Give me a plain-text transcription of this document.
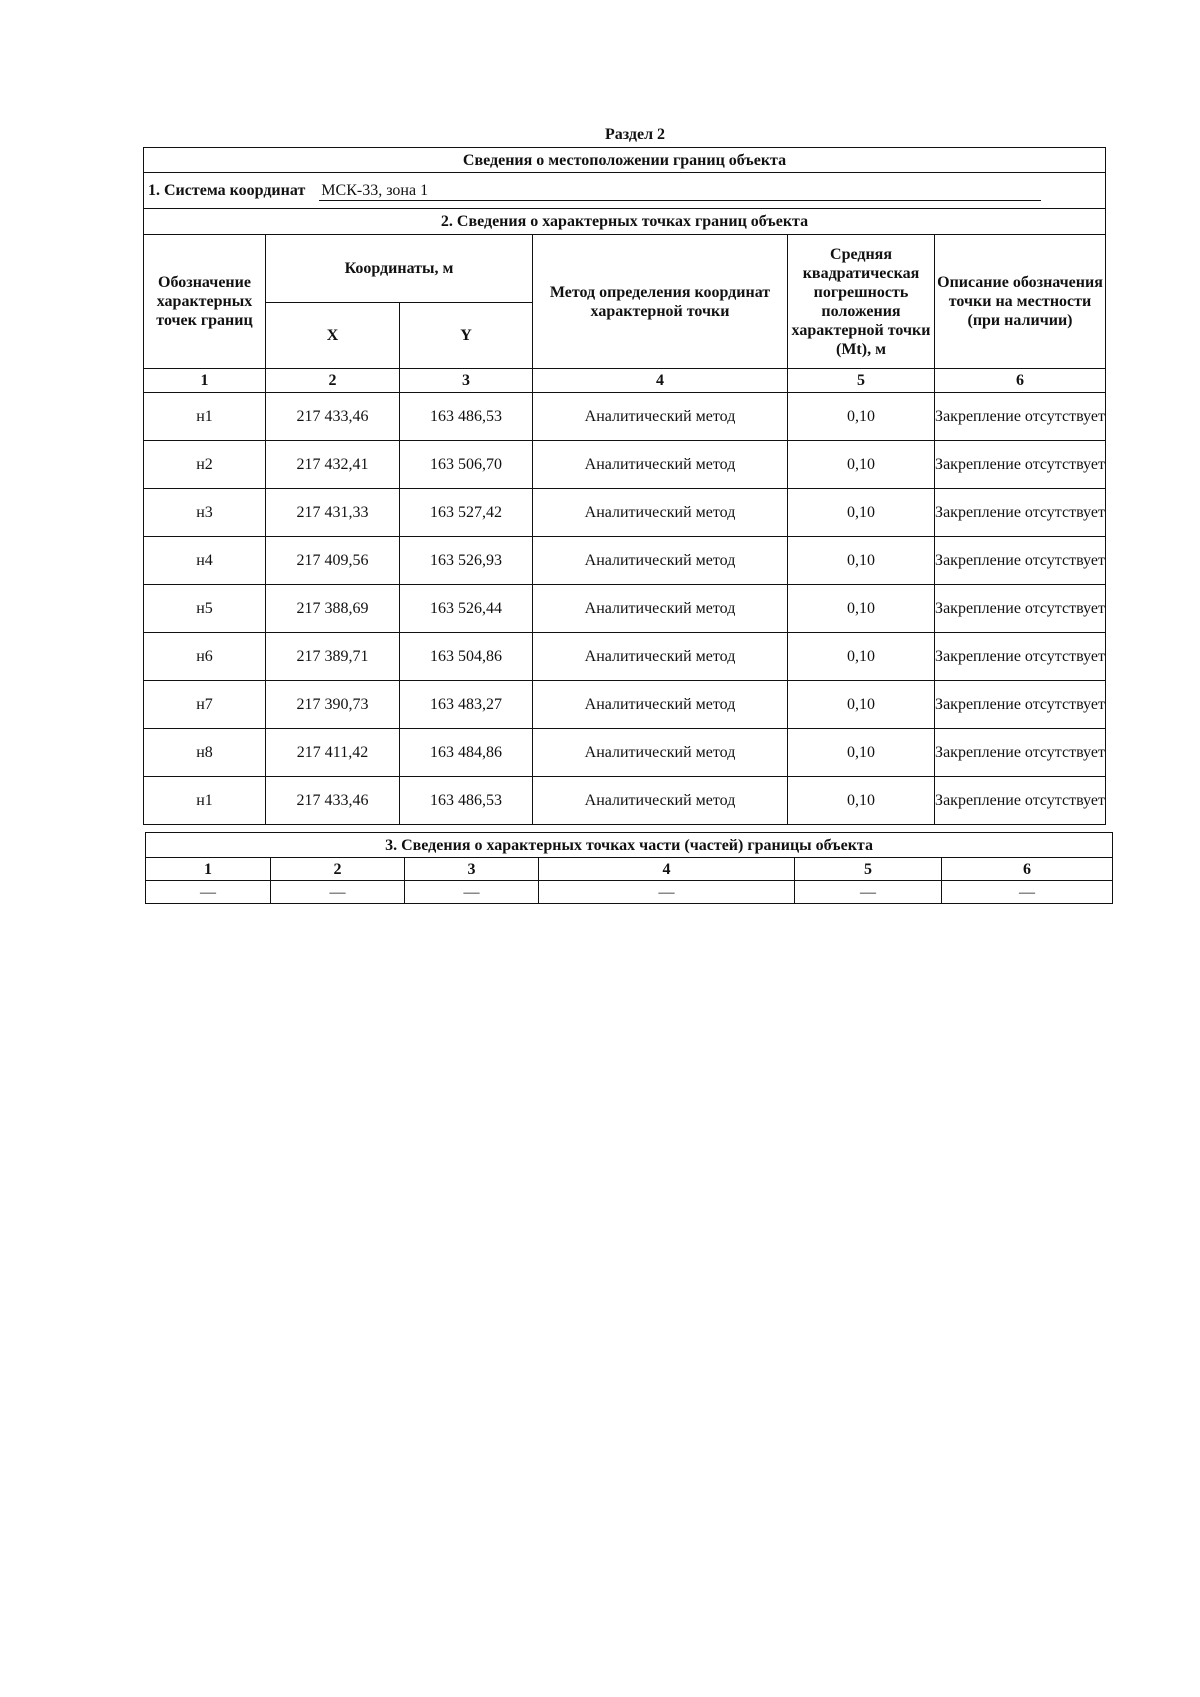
Раздел 2
Сведения о местоположении границ объекта					
1. Система координат МСК-33, зона 1					
2. Сведения о характерных точках границ объекта					
Обозначение характерных точек границ	Координаты, м		Метод определения координат характерной точки	Средняя квадратическая погрешность положения характерной точки (Mt), м	Описание обозначения точки на местности (при наличии)
	X	Y			
1	2	3	4	5	6
н1	217 433,46	163 486,53	Аналитический метод	0,10	Закрепление отсутствует
н2	217 432,41	163 506,70	Аналитический метод	0,10	Закрепление отсутствует
н3	217 431,33	163 527,42	Аналитический метод	0,10	Закрепление отсутствует
н4	217 409,56	163 526,93	Аналитический метод	0,10	Закрепление отсутствует
н5	217 388,69	163 526,44	Аналитический метод	0,10	Закрепление отсутствует
н6	217 389,71	163 504,86	Аналитический метод	0,10	Закрепление отсутствует
н7	217 390,73	163 483,27	Аналитический метод	0,10	Закрепление отсутствует
н8	217 411,42	163 484,86	Аналитический метод	0,10	Закрепление отсутствует
н1	217 433,46	163 486,53	Аналитический метод	0,10	Закрепление отсутствует
3. Сведения о характерных точках части (частей) границы объекта					
1	2	3	4	5	6
—	—	—	—	—	—
